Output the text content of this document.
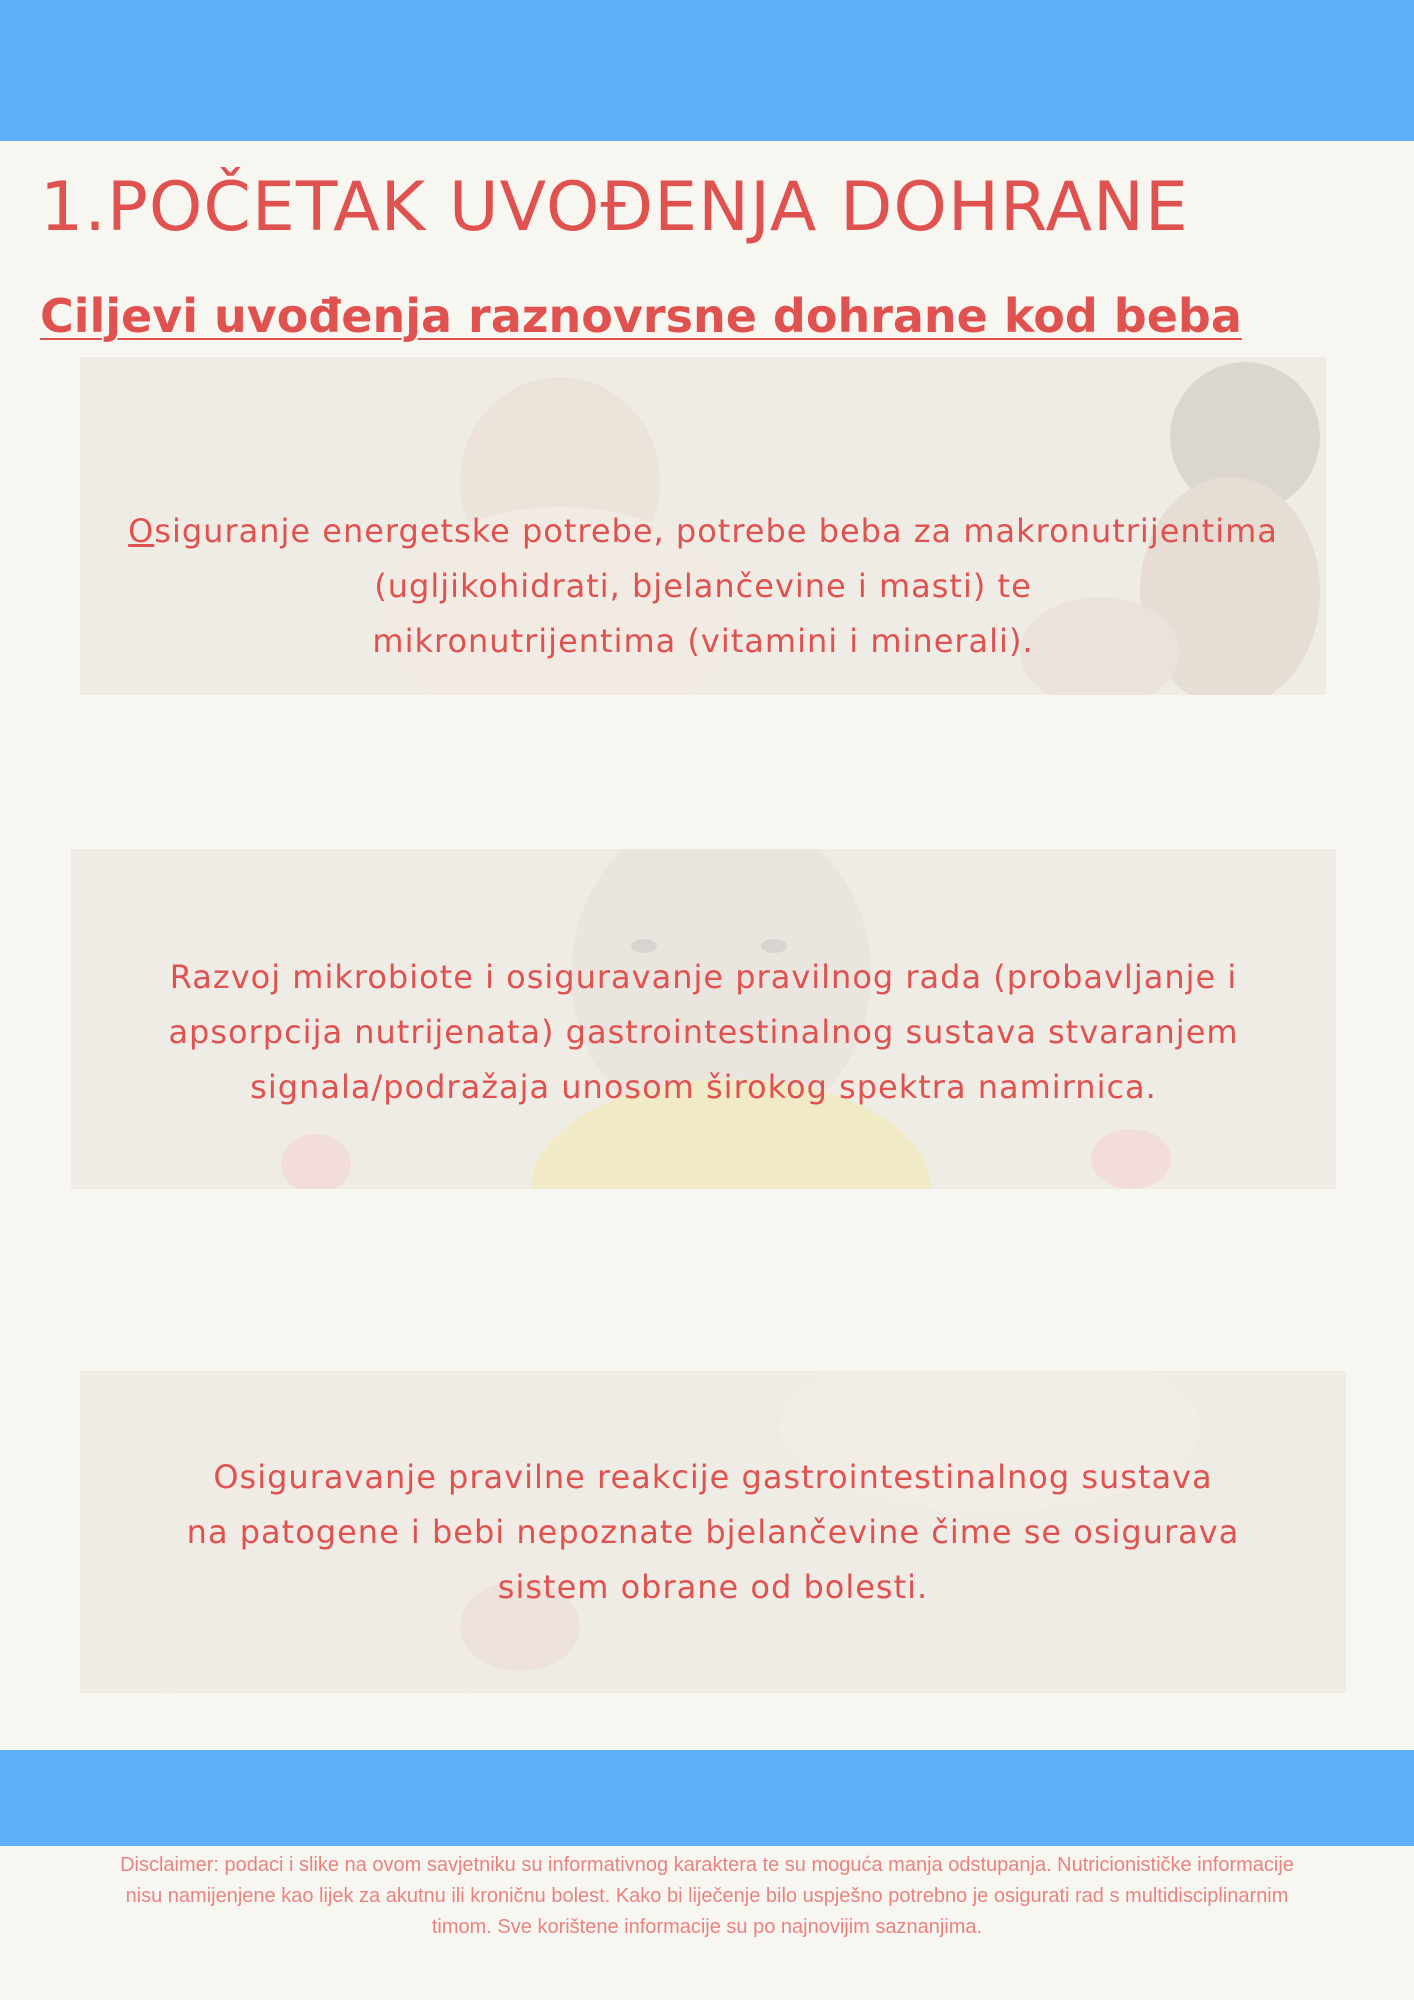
1.POČETAK UVOĐENJA DOHRANE
Ciljevi uvođenja raznovrsne dohrane kod beba
Osiguranje energetske potrebe, potrebe beba za makronutrijentima
(ugljikohidrati, bjelančevine i masti) te
mikronutrijentima (vitamini i minerali).
Razvoj mikrobiote i osiguravanje pravilnog rada (probavljanje i
apsorpcija nutrijenata) gastrointestinalnog sustava stvaranjem
signala/podražaja unosom širokog spektra namirnica.
Osiguravanje pravilne reakcije gastrointestinalnog sustava
na patogene i bebi nepoznate bjelančevine čime se osigurava
sistem obrane od bolesti.
Disclaimer: podaci i slike na ovom savjetniku su informativnog karaktera te su moguća manja odstupanja. Nutricionističke informacije
nisu namijenjene kao lijek za akutnu ili kroničnu bolest. Kako bi liječenje bilo uspješno potrebno je osigurati rad s multidisciplinarnim
timom. Sve korištene informacije su po najnovijim saznanjima.
